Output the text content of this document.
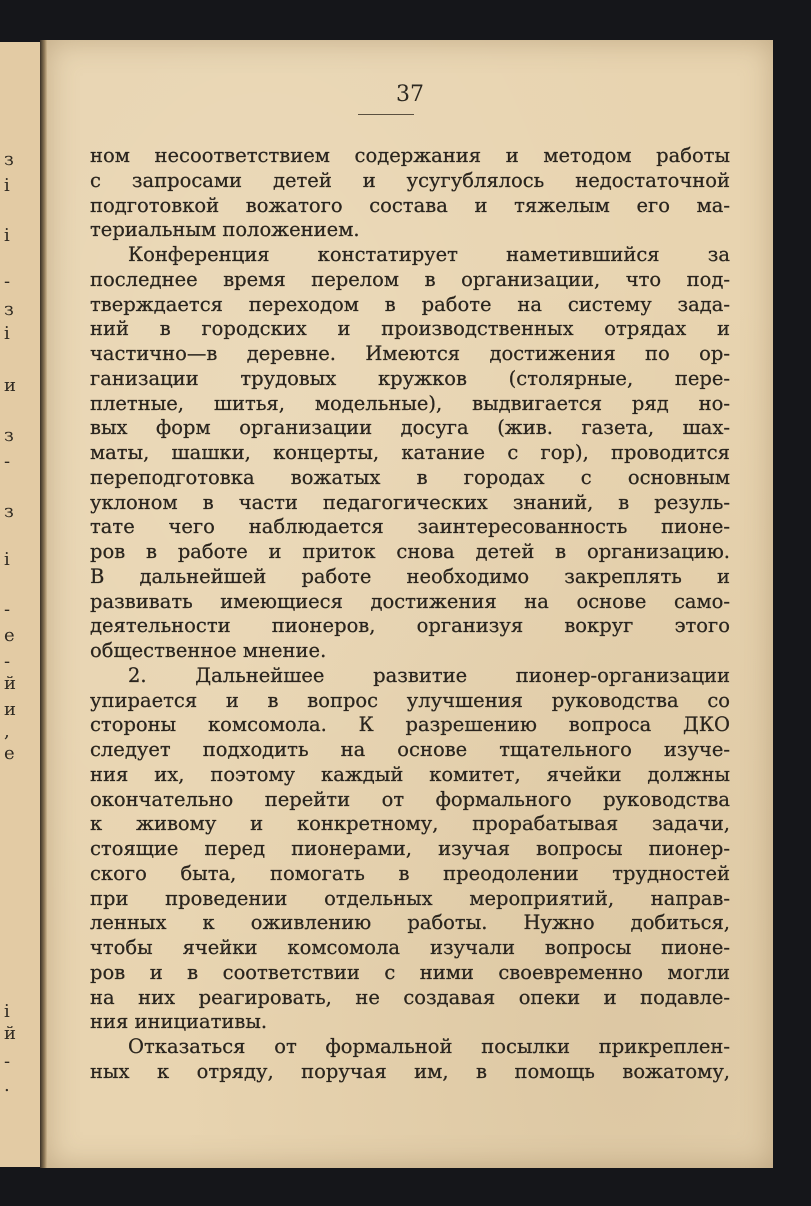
з
і
і
-
з
і
и
з
-
з
і
-
е
-
й
и
,
е
і
й
-
.
37
ном несоответствием содержания и методом работы
с запросами детей и усугублялось недостаточной
подготовкой вожатого состава и тяжелым его ма-
териальным положением.
Конференция констатирует наметившийся за
последнее время перелом в организации, что под-
тверждается переходом в работе на систему зада-
ний в городских и производственных отрядах и
частично—в деревне. Имеются достижения по ор-
ганизации трудовых кружков (столярные, пере-
плетные, шитья, модельные), выдвигается ряд но-
вых форм организации досуга (жив. газета, шах-
маты, шашки, концерты, катание с гор), проводится
переподготовка вожатых в городах с основным
уклоном в части педагогических знаний, в резуль-
тате чего наблюдается заинтересованность пионе-
ров в работе и приток снова детей в организацию.
В дальнейшей работе необходимо закреплять и
развивать имеющиеся достижения на основе само-
деятельности пионеров, организуя вокруг этого
общественное мнение.
2. Дальнейшее развитие пионер-организации
упирается и в вопрос улучшения руководства со
стороны комсомола. К разрешению вопроса ДКО
следует подходить на основе тщательного изуче-
ния их, поэтому каждый комитет, ячейки должны
окончательно перейти от формального руководства
к живому и конкретному, прорабатывая задачи,
стоящие перед пионерами, изучая вопросы пионер-
ского быта, помогать в преодолении трудностей
при проведении отдельных мероприятий, направ-
ленных к оживлению работы. Нужно добиться,
чтобы ячейки комсомола изучали вопросы пионе-
ров и в соответствии с ними своевременно могли
на них реагировать, не создавая опеки и подавле-
ния инициативы.
Отказаться от формальной посылки прикреплен-
ных к отряду, поручая им, в помощь вожатому,
